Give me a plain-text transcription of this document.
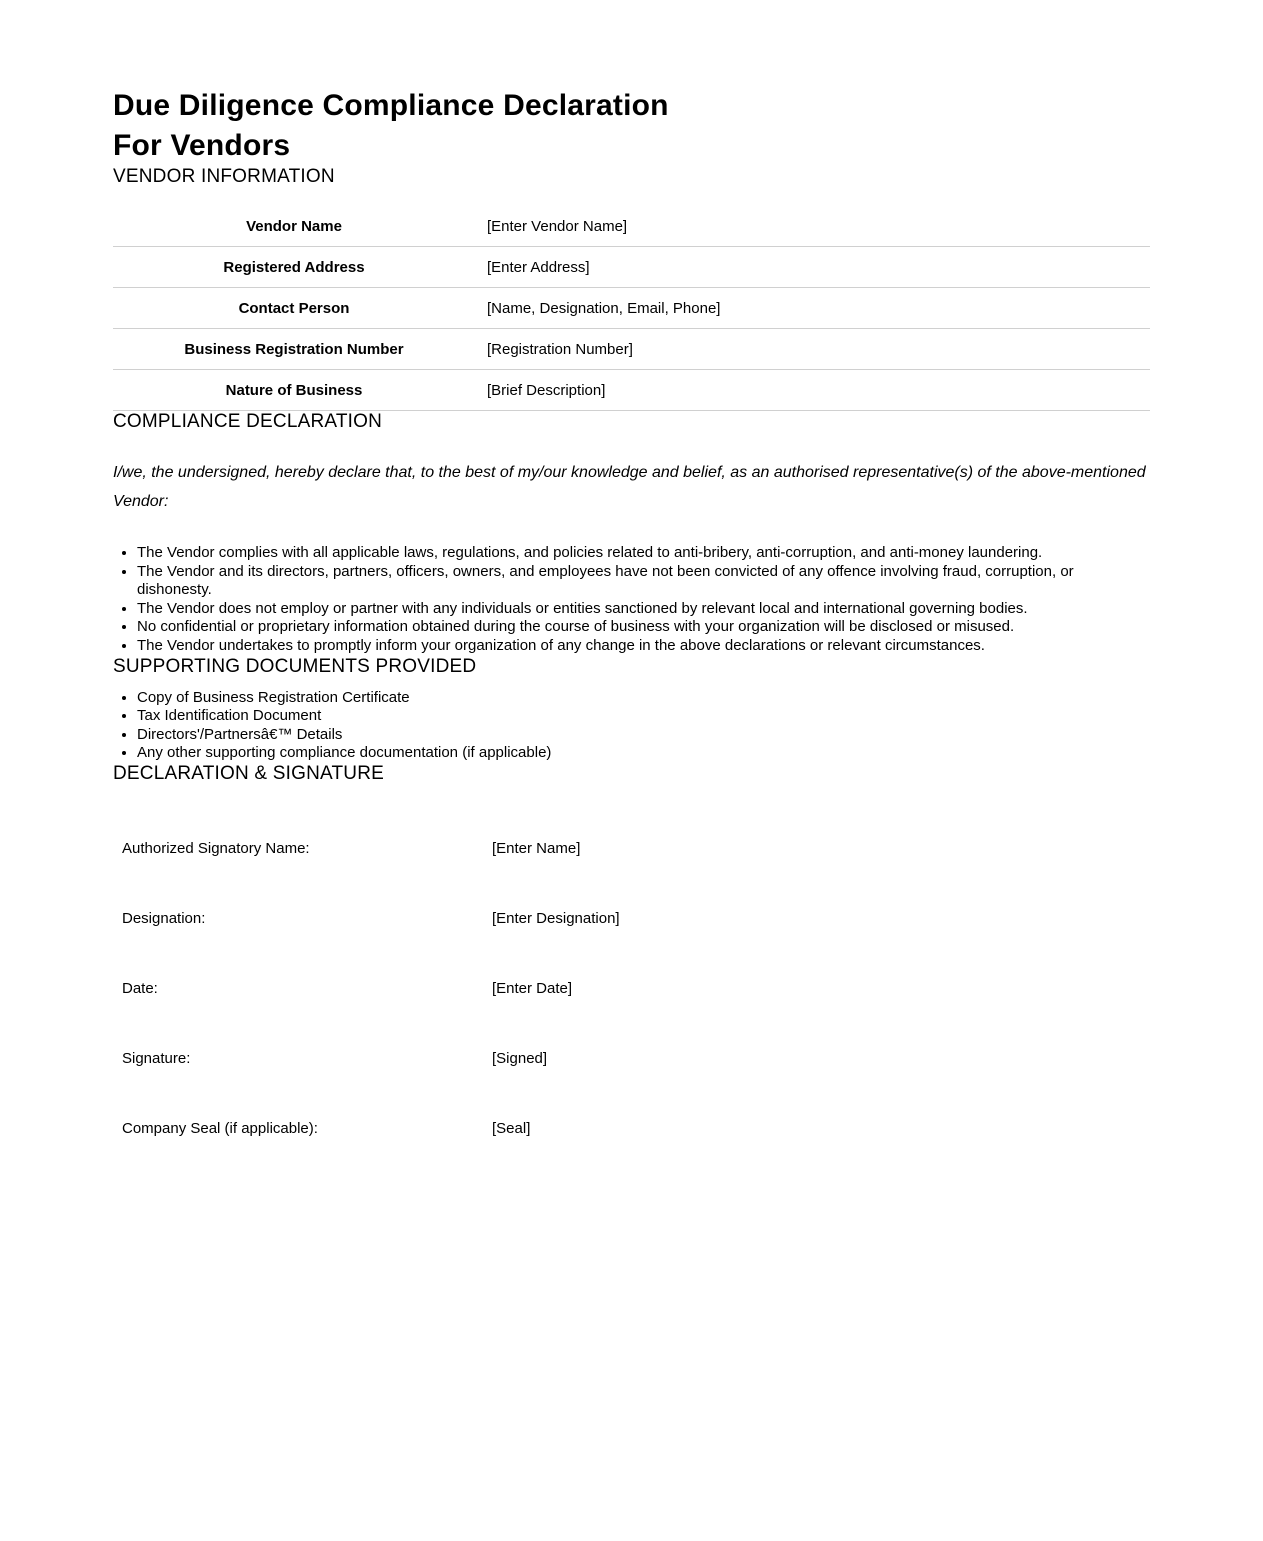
Due Diligence Compliance Declaration
For Vendors
VENDOR INFORMATION
Vendor Name	[Enter Vendor Name]
Registered Address	[Enter Address]
Contact Person	[Name, Designation, Email, Phone]
Business Registration Number	[Registration Number]
Nature of Business	[Brief Description]
COMPLIANCE DECLARATION

I/we, the undersigned, hereby declare that, to the best of my/our knowledge and belief, as an authorised representative(s) of the above-mentioned Vendor:

• The Vendor complies with all applicable laws, regulations, and policies related to anti-bribery, anti-corruption, and anti-money laundering.
• The Vendor and its directors, partners, officers, owners, and employees have not been convicted of any offence involving fraud, corruption, or dishonesty.
• The Vendor does not employ or partner with any individuals or entities sanctioned by relevant local and international governing bodies.
• No confidential or proprietary information obtained during the course of business with your organization will be disclosed or misused.
• The Vendor undertakes to promptly inform your organization of any change in the above declarations or relevant circumstances.
SUPPORTING DOCUMENTS PROVIDED
• Copy of Business Registration Certificate
• Tax Identification Document
• Directors'/Partnersâ€™ Details
• Any other supporting compliance documentation (if applicable)
DECLARATION & SIGNATURE
Authorized Signatory Name:	[Enter Name]
Designation:	[Enter Designation]
Date:	[Enter Date]
Signature:	[Signed]
Company Seal (if applicable):	[Seal]
